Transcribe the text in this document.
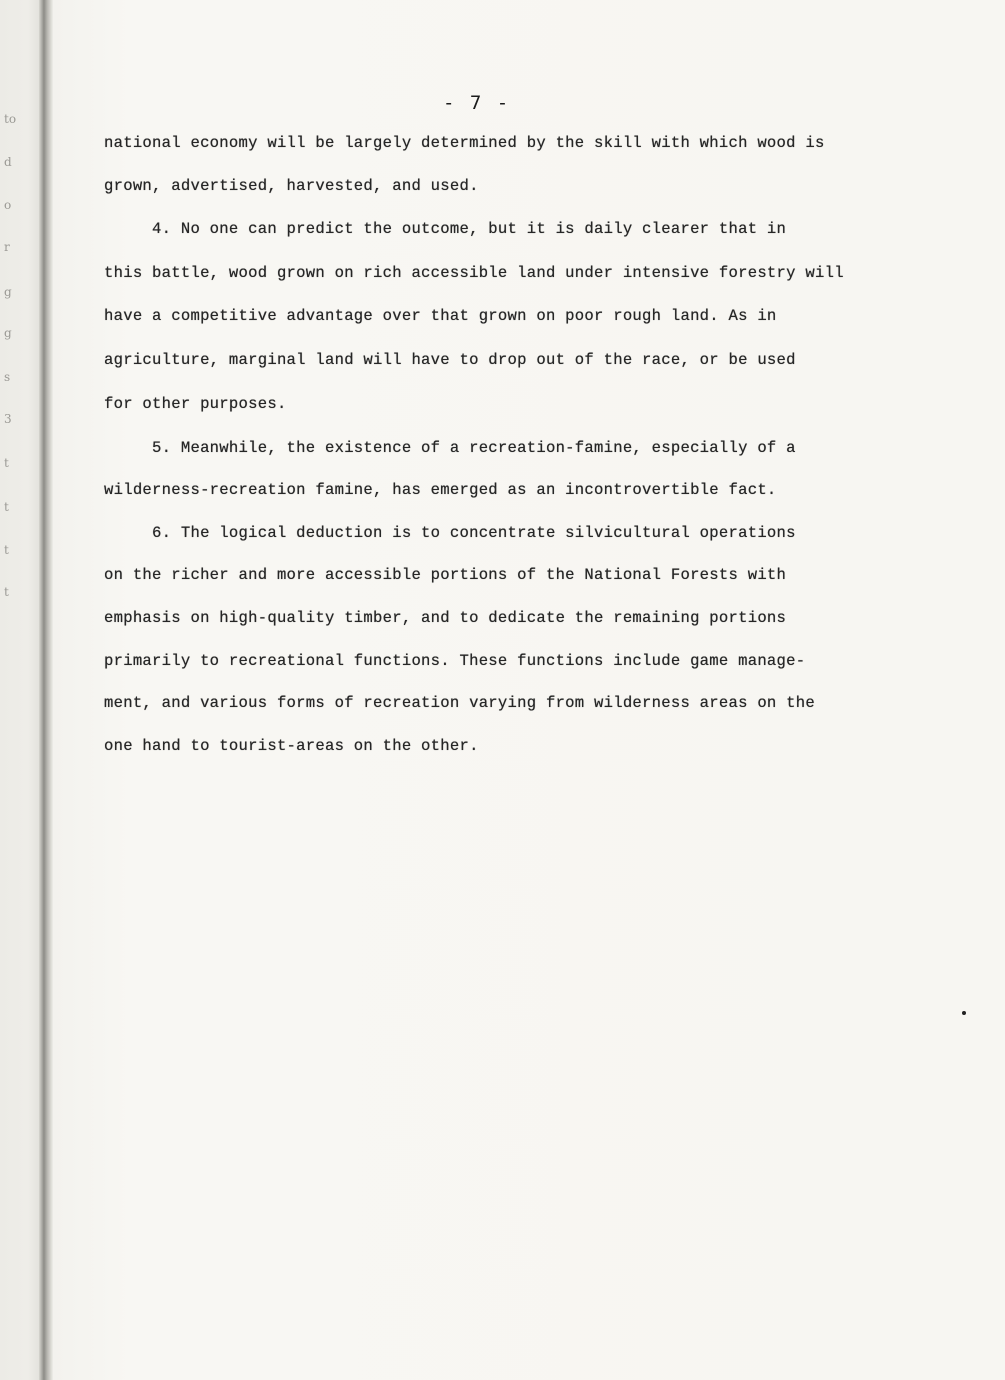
to
d
o
r
g
g
s
3
t
t
t
t
- 7 -
national economy will be largely determined by the skill with which wood is
grown, advertised, harvested, and used.
4. No one can predict the outcome, but it is daily clearer that in
this battle, wood grown on rich accessible land under intensive forestry will
have a competitive advantage over that grown on poor rough land. As in
agriculture, marginal land will have to drop out of the race, or be used
for other purposes.
5. Meanwhile, the existence of a recreation-famine, especially of a
wilderness-recreation famine, has emerged as an incontrovertible fact.
6. The logical deduction is to concentrate silvicultural operations
on the richer and more accessible portions of the National Forests with
emphasis on high-quality timber, and to dedicate the remaining portions
primarily to recreational functions. These functions include game manage-
ment, and various forms of recreation varying from wilderness areas on the
one hand to tourist-areas on the other.
